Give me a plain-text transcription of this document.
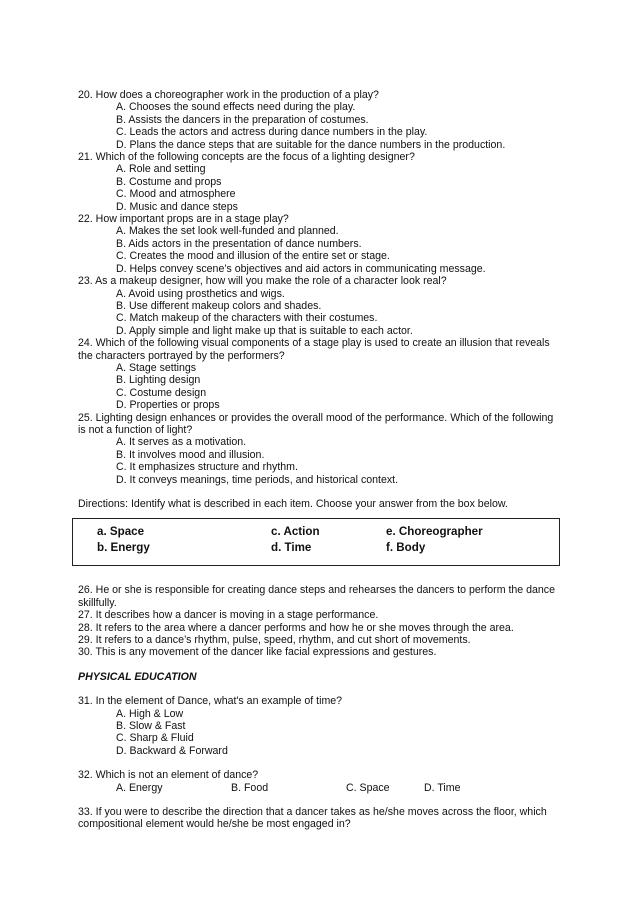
20. How does a choreographer work in the production of a play?
A. Chooses the sound effects need during the play.
B. Assists the dancers in the preparation of costumes.
C. Leads the actors and actress during dance numbers in the play.
D. Plans the dance steps that are suitable for the dance numbers in the production.
21. Which of the following concepts are the focus of a lighting designer?
A. Role and setting
B. Costume and props
C. Mood and atmosphere
D. Music and dance steps
22. How important props are in a stage play?
A. Makes the set look well-funded and planned.
B. Aids actors in the presentation of dance numbers.
C. Creates the mood and illusion of the entire set or stage.
D. Helps convey scene’s objectives and aid actors in communicating message.
23. As a makeup designer, how will you make the role of a character look real?
A. Avoid using prosthetics and wigs.
B. Use different makeup colors and shades.
C. Match makeup of the characters with their costumes.
D. Apply simple and light make up that is suitable to each actor.
24. Which of the following visual components of a stage play is used to create an illusion that reveals the characters portrayed by the performers?
A. Stage settings
B. Lighting design
C. Costume design
D. Properties or props
25. Lighting design enhances or provides the overall mood of the performance. Which of the following is not a function of light?
A. It serves as a motivation.
B. It involves mood and illusion.
C. It emphasizes structure and rhythm.
D. It conveys meanings, time periods, and historical context.
Directions: Identify what is described in each item. Choose your answer from the box below.
a. Space
b. Energy
c. Action
d. Time
e. Choreographer
f. Body
26. He or she is responsible for creating dance steps and rehearses the dancers to perform the dance skillfully.
27. It describes how a dancer is moving in a stage performance.
28. It refers to the area where a dancer performs and how he or she moves through the area.
29. It refers to a dance’s rhythm, pulse, speed, rhythm, and cut short of movements.
30. This is any movement of the dancer like facial expressions and gestures.
PHYSICAL EDUCATION
31. In the element of Dance, what's an example of time?
A. High & Low
B. Slow & Fast
C. Sharp & Fluid
D. Backward & Forward
32. Which is not an element of dance?
A. Energy	B. Food	C. Space	D. Time
33. If you were to describe the direction that a dancer takes as he/she moves across the floor, which compositional element would he/she be most engaged in?
